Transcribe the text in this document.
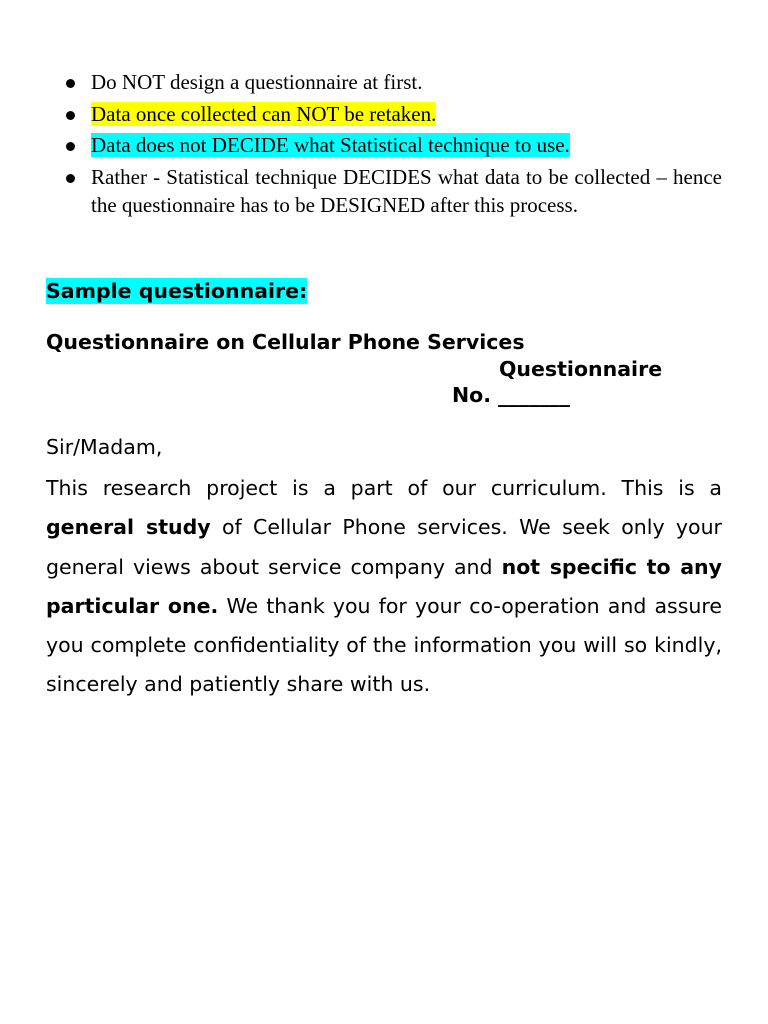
Do NOT design a questionnaire at first.
Data once collected can NOT be retaken.
Data does not DECIDE what Statistical technique to use.
Rather - Statistical technique DECIDES what data to be collected – hence the questionnaire has to be DESIGNED after this process.
Sample questionnaire:
Questionnaire on Cellular Phone Services
Questionnaire
No. _______
Sir/Madam,

This research project is a part of our curriculum. This is a general study of Cellular Phone services. We seek only your general views about service company and not specific to any particular one. We thank you for your co-operation and assure you complete confidentiality of the information you will so kindly, sincerely and patiently share with us.
